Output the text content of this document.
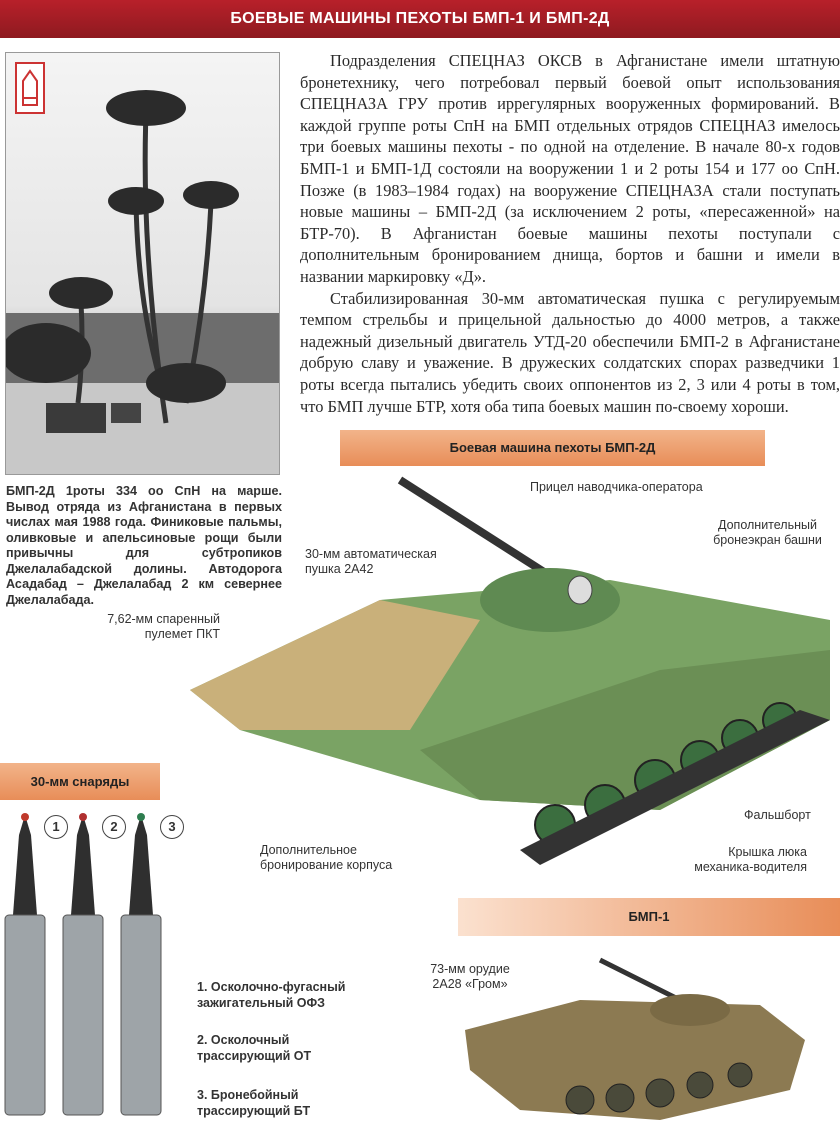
БОЕВЫЕ МАШИНЫ ПЕХОТЫ БМП-1 И БМП-2Д
БМП-2Д 1роты 334 оо СпН на марше. Вывод отряда из Афганистана в первых числах мая 1988 года. Финиковые пальмы, оливковые и апельсиновые рощи были привычны для субтропиков Джелалабадской долины. Автодорога Асадабад – Джелалабад 2 км севернее Джелалабада.

Подразделения СПЕЦНАЗ ОКСВ в Афганистане имели штатную бронетехнику, чего потребовал первый боевой опыт использования СПЕЦНАЗА ГРУ против иррегулярных вооруженных формирований. В каждой группе роты СпН на БМП отдельных отрядов СПЕЦНАЗ имелось три боевых машины пехоты - по одной на отделение. В начале 80-х годов БМП-1 и БМП-1Д состояли на вооружении 1 и 2 роты 154 и 177 оо СпН. Позже (в 1983–1984 годах) на вооружение СПЕЦНАЗА стали поступать новые машины – БМП-2Д (за исключением 2 роты, «пересаженной» на БТР-70). В Афганистан боевые машины пехоты поступали с дополнительным бронированием днища, бортов и башни и имели в названии маркировку «Д».

Стабилизированная 30-мм автоматическая пушка с регулируемым темпом стрельбы и прицельной дальностью до 4000 метров, а также надежный дизельный двигатель УТД-20 обеспечили БМП-2 в Афганистане добрую славу и уважение. В дружеских солдатских спорах разведчики 1 роты всегда пытались убедить своих оппонентов из 2, 3 или 4 роты в том, что БМП лучше БТР, хотя оба типа боевых машин по-своему хороши.

Боевая машина пехоты БМП-2Д
Прицел наводчика-оператора
Дополнительный бронеэкран башни
30-мм автоматическая пушка 2А42
7,62-мм спаренный пулемет ПКТ
Фальшборт
Дополнительное бронирование корпуса
Крышка люка механика-водителя
30-мм снаряды
1	2	3
1. Осколочно-фугасный зажигательный ОФЗ
2. Осколочный трассирующий ОТ
3. Бронебойный трассирующий БТ
БМП-1
73-мм орудие 2А28 «Гром»
